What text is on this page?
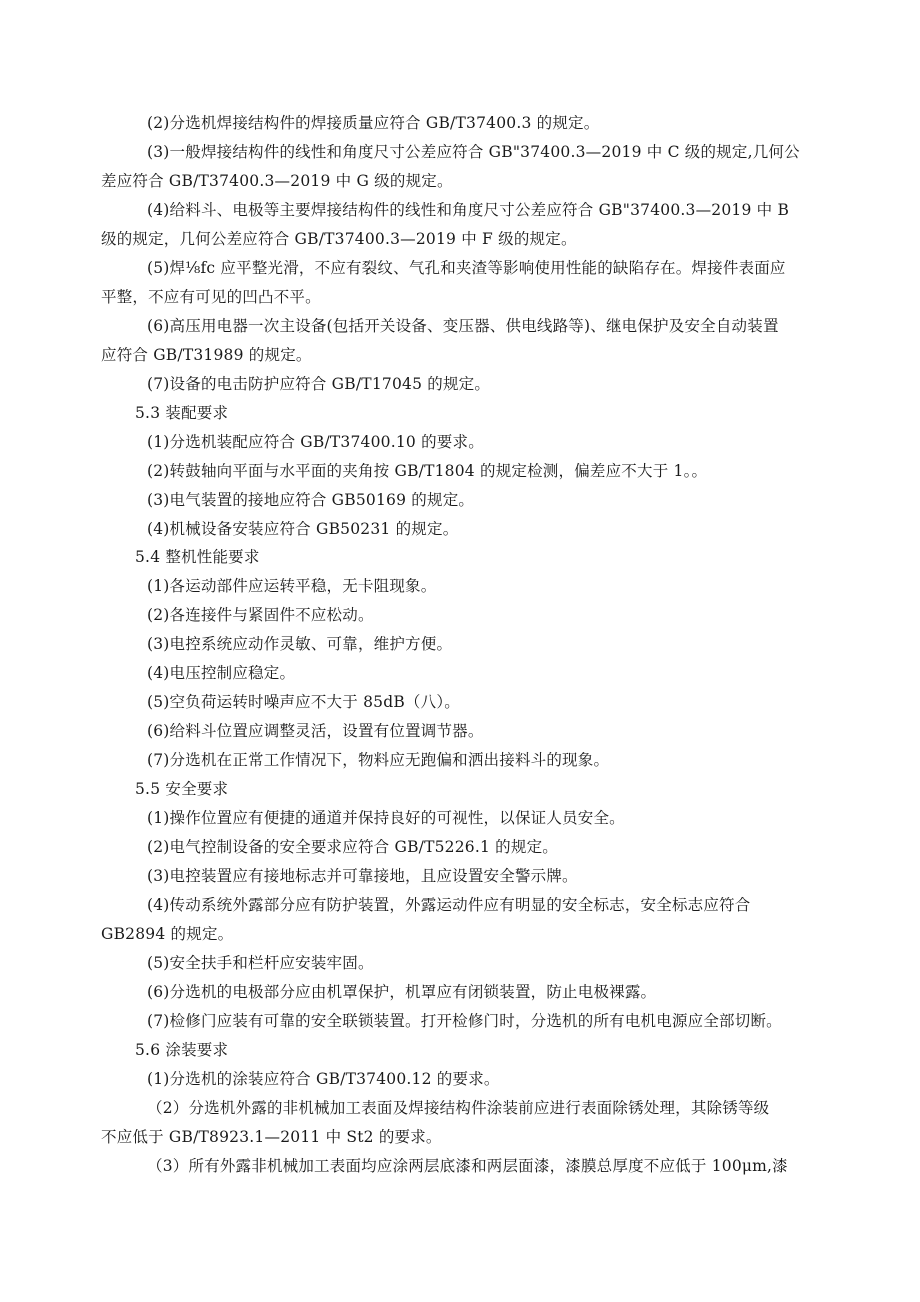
(2)分选机焊接结构件的焊接质量应符合 GB/T37400.3 的规定。
(3)一般焊接结构件的线性和角度尺寸公差应符合 GB"37400.3—2019 中 C 级的规定,几何公
差应符合 GB/T37400.3—2019 中 G 级的规定。
(4)给料斗、电极等主要焊接结构件的线性和角度尺寸公差应符合 GB"37400.3—2019 中 B
级的规定，几何公差应符合 GB/T37400.3—2019 中 F 级的规定。
(5)焊⅛fc 应平整光滑，不应有裂纹、气孔和夹渣等影响使用性能的缺陷存在。焊接件表面应
平整，不应有可见的凹凸不平。
(6)高压用电器一次主设备(包括开关设备、变压器、供电线路等)、继电保护及安全自动装置
应符合 GB/T31989 的规定。
(7)设备的电击防护应符合 GB/T17045 的规定。
5.3 装配要求
(1)分选机装配应符合 GB/T37400.10 的要求。
(2)转鼓轴向平面与水平面的夹角按 GB/T1804 的规定检测，偏差应不大于 1。。
(3)电气装置的接地应符合 GB50169 的规定。
(4)机械设备安装应符合 GB50231 的规定。
5.4 整机性能要求
(1)各运动部件应运转平稳，无卡阻现象。
(2)各连接件与紧固件不应松动。
(3)电控系统应动作灵敏、可靠，维护方便。
(4)电压控制应稳定。
(5)空负荷运转时噪声应不大于 85dB（八）。
(6)给料斗位置应调整灵活，设置有位置调节器。
(7)分选机在正常工作情况下，物料应无跑偏和洒出接料斗的现象。
5.5 安全要求
(1)操作位置应有便捷的通道并保持良好的可视性，以保证人员安全。
(2)电气控制设备的安全要求应符合 GB/T5226.1 的规定。
(3)电控装置应有接地标志并可靠接地，且应设置安全警示牌。
(4)传动系统外露部分应有防护装置，外露运动件应有明显的安全标志，安全标志应符合
GB2894 的规定。
(5)安全扶手和栏杆应安装牢固。
(6)分选机的电极部分应由机罩保护，机罩应有闭锁装置，防止电极裸露。
(7)检修门应装有可靠的安全联锁装置。打开检修门时，分选机的所有电机电源应全部切断。
5.6 涂装要求
(1)分选机的涂装应符合 GB/T37400.12 的要求。
（2）分选机外露的非机械加工表面及焊接结构件涂装前应进行表面除锈处理，其除锈等级
不应低于 GB/T8923.1—2011 中 St2 的要求。
（3）所有外露非机械加工表面均应涂两层底漆和两层面漆，漆膜总厚度不应低于 100μm,漆
